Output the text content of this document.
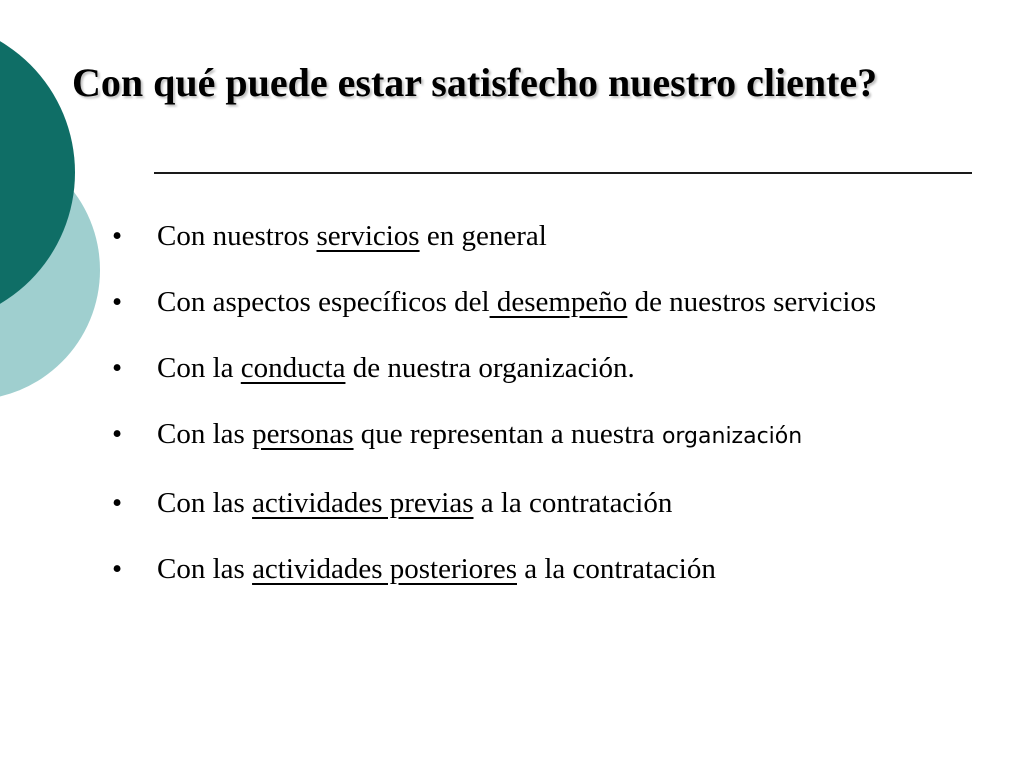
Con qué puede estar satisfecho nuestro cliente?
• Con nuestros servicios en general
• Con aspectos específicos del desempeño de nuestros servicios
• Con la conducta de nuestra organización.
• Con las personas que representan a nuestra organización
• Con las actividades previas a la contratación
• Con las actividades posteriores a la contratación
